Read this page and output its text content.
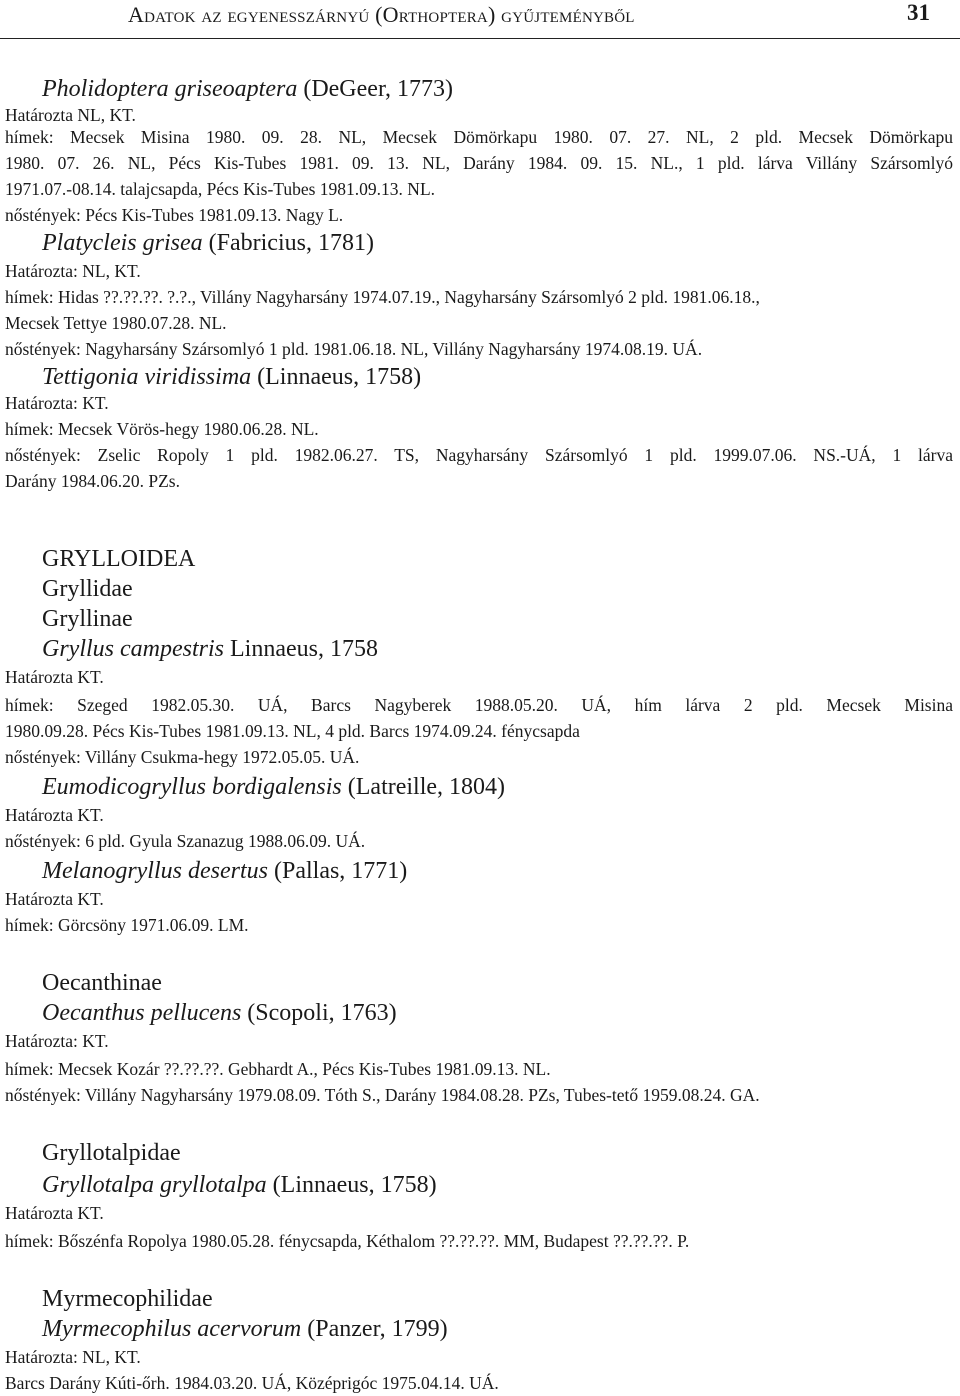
Adatok az egyenesszárnyú (Orthoptera) gyűjteményből	31
Pholidoptera griseoaptera (DeGeer, 1773)
Határozta NL, KT.
hímek: Mecsek Misina 1980. 09. 28. NL, Mecsek Dömörkapu 1980. 07. 27. NL, 2 pld. Mecsek Dömörkapu
1980. 07. 26. NL, Pécs Kis-Tubes 1981. 09. 13. NL, Darány 1984. 09. 15. NL., 1 pld. lárva Villány Szársomlyó
1971.07.-08.14. talajcsapda, Pécs Kis-Tubes 1981.09.13. NL.
nőstények: Pécs Kis-Tubes 1981.09.13. Nagy L.
Platycleis grisea (Fabricius, 1781)
Határozta: NL, KT.
hímek: Hidas ??.??.??. ?.?., Villány Nagyharsány 1974.07.19., Nagyharsány Szársomlyó 2 pld. 1981.06.18.,
Mecsek Tettye 1980.07.28. NL.
nőstények: Nagyharsány Szársomlyó 1 pld. 1981.06.18. NL, Villány Nagyharsány 1974.08.19. UÁ.
Tettigonia viridissima (Linnaeus, 1758)
Határozta: KT.
hímek: Mecsek Vörös-hegy 1980.06.28. NL.
nőstények: Zselic Ropoly 1 pld. 1982.06.27. TS, Nagyharsány Szársomlyó 1 pld. 1999.07.06. NS.-UÁ, 1 lárva
Darány 1984.06.20. PZs.
GRYLLOIDEA
Gryllidae
Gryllinae
Gryllus campestris Linnaeus, 1758
Határozta KT.
hímek: Szeged 1982.05.30. UÁ, Barcs Nagyberek 1988.05.20. UÁ, hím lárva 2 pld. Mecsek Misina
1980.09.28. Pécs Kis-Tubes 1981.09.13. NL, 4 pld. Barcs 1974.09.24. fénycsapda
nőstények: Villány Csukma-hegy 1972.05.05. UÁ.
Eumodicogryllus bordigalensis (Latreille, 1804)
Határozta KT.
nőstények: 6 pld. Gyula Szanazug 1988.06.09. UÁ.
Melanogryllus desertus (Pallas, 1771)
Határozta KT.
hímek: Görcsöny 1971.06.09. LM.
Oecanthinae
Oecanthus pellucens (Scopoli, 1763)
Határozta: KT.
hímek: Mecsek Kozár ??.??.??. Gebhardt A., Pécs Kis-Tubes 1981.09.13. NL.
nőstények: Villány Nagyharsány 1979.08.09. Tóth S., Darány 1984.08.28. PZs, Tubes-tető 1959.08.24. GA.
Gryllotalpidae
Gryllotalpa gryllotalpa (Linnaeus, 1758)
Határozta KT.
hímek: Bőszénfa Ropolya 1980.05.28. fénycsapda, Kéthalom ??.??.??. MM, Budapest ??.??.??. P.
Myrmecophilidae
Myrmecophilus acervorum (Panzer, 1799)
Határozta: NL, KT.
Barcs Darány Kúti-őrh. 1984.03.20. UÁ, Középrigóc 1975.04.14. UÁ.
